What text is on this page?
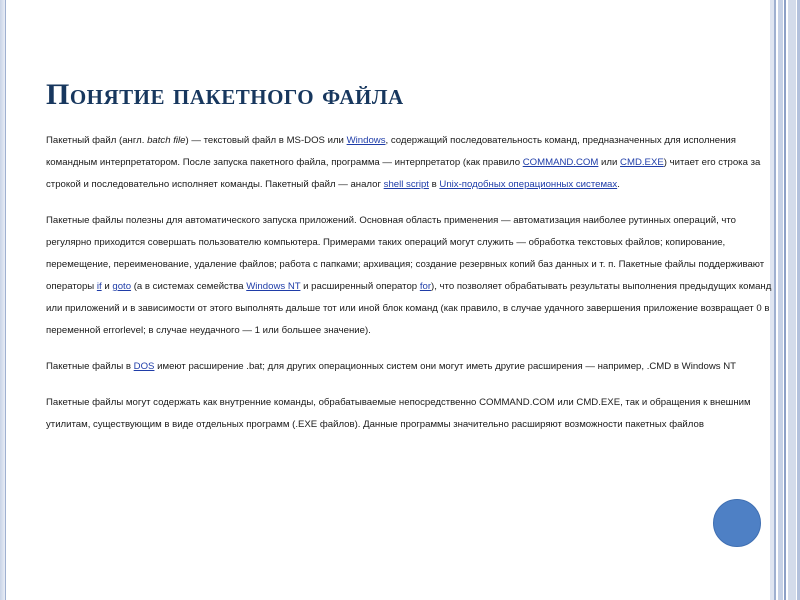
Понятие пакетного файла

Пакетный файл (англ. batch file) — текстовый файл в MS-DOS или Windows, содержащий последовательность команд, предназначенных для исполнения командным интерпретатором. После запуска пакетного файла, программа — интерпретатор (как правило COMMAND.COM или CMD.EXE) читает его строка за строкой и последовательно исполняет команды. Пакетный файл — аналог shell script в Unix-подобных операционных системах.

Пакетные файлы полезны для автоматического запуска приложений. Основная область применения — автоматизация наиболее рутинных операций, что регулярно приходится совершать пользователю компьютера. Примерами таких операций могут служить — обработка текстовых файлов; копирование, перемещение, переименование, удаление файлов; работа с папками; архивация; создание резервных копий баз данных и т. п. Пакетные файлы поддерживают операторы if и goto (а в системах семейства Windows NT и расширенный оператор for), что позволяет обрабатывать результаты выполнения предыдущих команд или приложений и в зависимости от этого выполнять дальше тот или иной блок команд (как правило, в случае удачного завершения приложение возвращает 0 в переменной errorlevel; в случае неудачного — 1 или большее значение).

Пакетные файлы в DOS имеют расширение .bat; для других операционных систем они могут иметь другие расширения — например, .CMD в Windows NT

Пакетные файлы могут содержать как внутренние команды, обрабатываемые непосредственно COMMAND.COM или CMD.EXE, так и обращения к внешним утилитам, существующим в виде отдельных программ (.EXE файлов). Данные программы значительно расширяют возможности пакетных файлов
